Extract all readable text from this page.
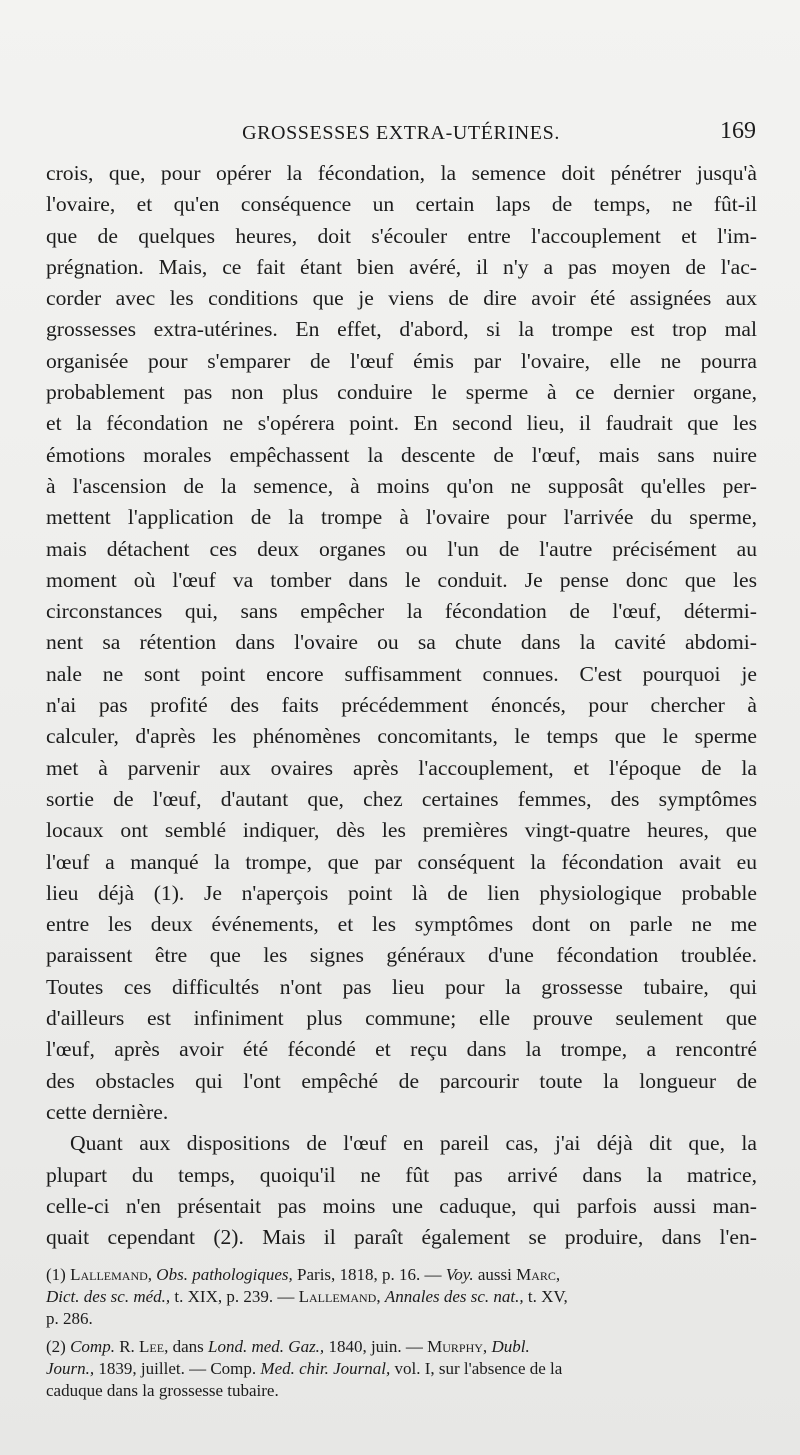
GROSSESSES EXTRA-UTÉRINES.	169
crois, que, pour opérer la fécondation, la semence doit pénétrer jusqu'à
l'ovaire, et qu'en conséquence un certain laps de temps, ne fût-il
que de quelques heures, doit s'écouler entre l'accouplement et l'im-
prégnation. Mais, ce fait étant bien avéré, il n'y a pas moyen de l'ac-
corder avec les conditions que je viens de dire avoir été assignées aux
grossesses extra-utérines. En effet, d'abord, si la trompe est trop mal
organisée pour s'emparer de l'œuf émis par l'ovaire, elle ne pourra
probablement pas non plus conduire le sperme à ce dernier organe,
et la fécondation ne s'opérera point. En second lieu, il faudrait que les
émotions morales empêchassent la descente de l'œuf, mais sans nuire
à l'ascension de la semence, à moins qu'on ne supposât qu'elles per-
mettent l'application de la trompe à l'ovaire pour l'arrivée du sperme,
mais détachent ces deux organes ou l'un de l'autre précisément au
moment où l'œuf va tomber dans le conduit. Je pense donc que les
circonstances qui, sans empêcher la fécondation de l'œuf, détermi-
nent sa rétention dans l'ovaire ou sa chute dans la cavité abdomi-
nale ne sont point encore suffisamment connues. C'est pourquoi je
n'ai pas profité des faits précédemment énoncés, pour chercher à
calculer, d'après les phénomènes concomitants, le temps que le sperme
met à parvenir aux ovaires après l'accouplement, et l'époque de la
sortie de l'œuf, d'autant que, chez certaines femmes, des symptômes
locaux ont semblé indiquer, dès les premières vingt-quatre heures, que
l'œuf a manqué la trompe, que par conséquent la fécondation avait eu
lieu déjà (1). Je n'aperçois point là de lien physiologique probable
entre les deux événements, et les symptômes dont on parle ne me
paraissent être que les signes généraux d'une fécondation troublée.
Toutes ces difficultés n'ont pas lieu pour la grossesse tubaire, qui
d'ailleurs est infiniment plus commune; elle prouve seulement que
l'œuf, après avoir été fécondé et reçu dans la trompe, a rencontré
des obstacles qui l'ont empêché de parcourir toute la longueur de
cette dernière.
Quant aux dispositions de l'œuf en pareil cas, j'ai déjà dit que, la
plupart du temps, quoiqu'il ne fût pas arrivé dans la matrice,
celle-ci n'en présentait pas moins une caduque, qui parfois aussi man-
quait cependant (2). Mais il paraît également se produire, dans l'en-
(1) Lallemand, Obs. pathologiques, Paris, 1818, p. 16. — Voy. aussi Marc,
Dict. des sc. méd., t. XIX, p. 239. — Lallemand, Annales des sc. nat., t. XV,
p. 286.
(2) Comp. R. Lee, dans Lond. med. Gaz., 1840, juin. — Murphy, Dubl.
Journ., 1839, juillet. — Comp. Med. chir. Journal, vol. I, sur l'absence de la
caduque dans la grossesse tubaire.
